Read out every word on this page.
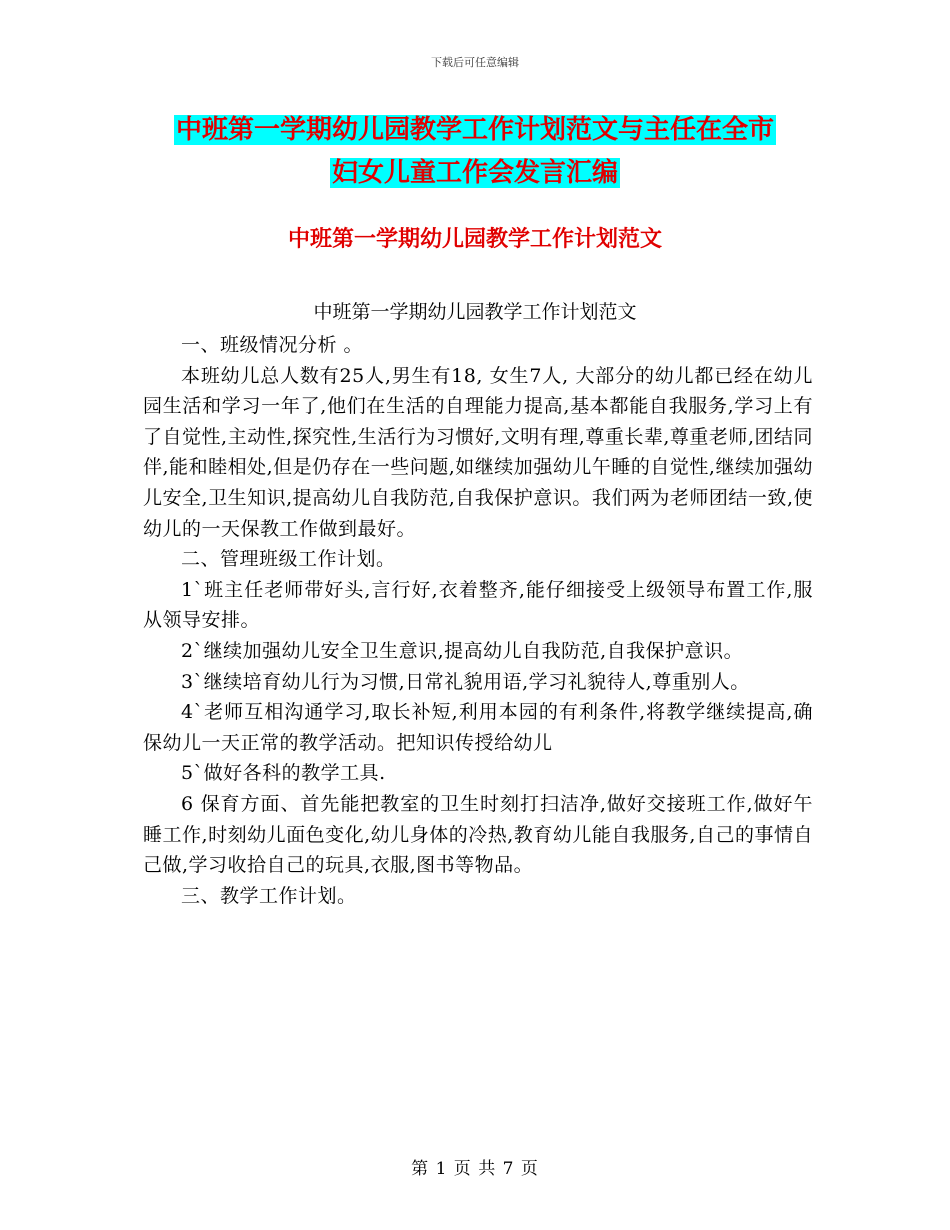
下载后可任意编辑
中班第一学期幼儿园教学工作计划范文与主任在全市
妇女儿童工作会发言汇编
中班第一学期幼儿园教学工作计划范文
中班第一学期幼儿园教学工作计划范文

一、班级情况分析 。

本班幼儿总人数有25人,男生有18, 女生7人, 大部分的幼儿都已经在幼儿园生活和学习一年了,他们在生活的自理能力提高,基本都能自我服务,学习上有了自觉性,主动性,探究性,生活行为习惯好,文明有理,尊重长辈,尊重老师,团结同伴,能和睦相处,但是仍存在一些问题,如继续加强幼儿午睡的自觉性,继续加强幼儿安全,卫生知识,提高幼儿自我防范,自我保护意识。我们两为老师团结一致,使幼儿的一天保教工作做到最好。

二、管理班级工作计划。

1`班主任老师带好头,言行好,衣着整齐,能仔细接受上级领导布置工作,服从领导安排。

2`继续加强幼儿安全卫生意识,提高幼儿自我防范,自我保护意识。

3`继续培育幼儿行为习惯,日常礼貌用语,学习礼貌待人,尊重别人。

4`老师互相沟通学习,取长补短,利用本园的有利条件,将教学继续提高,确保幼儿一天正常的教学活动。把知识传授给幼儿

5`做好各科的教学工具.

6 保育方面、首先能把教室的卫生时刻打扫洁净,做好交接班工作,做好午睡工作,时刻幼儿面色变化,幼儿身体的冷热,教育幼儿能自我服务,自己的事情自己做,学习收拾自己的玩具,衣服,图书等物品。

三、教学工作计划。

第 1 页 共 7 页
